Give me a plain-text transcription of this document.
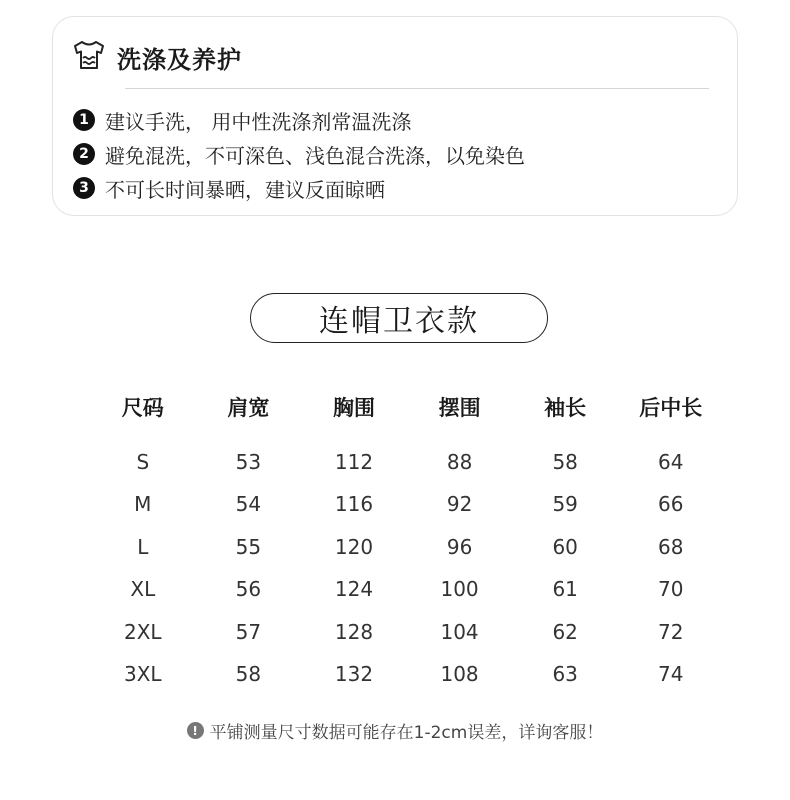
洗涤及养护
1 建议手洗， 用中性洗涤剂常温洗涤
2 避免混洗，不可深色、浅色混合洗涤，以免染色
3 不可长时间暴晒，建议反面晾晒
连帽卫衣款
尺码	肩宽	胸围	摆围	袖长	后中长
S	53	112	88	58	64
M	54	116	92	59	66
L	55	120	96	60	68
XL	56	124	100	61	70
2XL	57	128	104	62	72
3XL	58	132	108	63	74
! 平铺测量尺寸数据可能存在1-2cm误差，详询客服！
